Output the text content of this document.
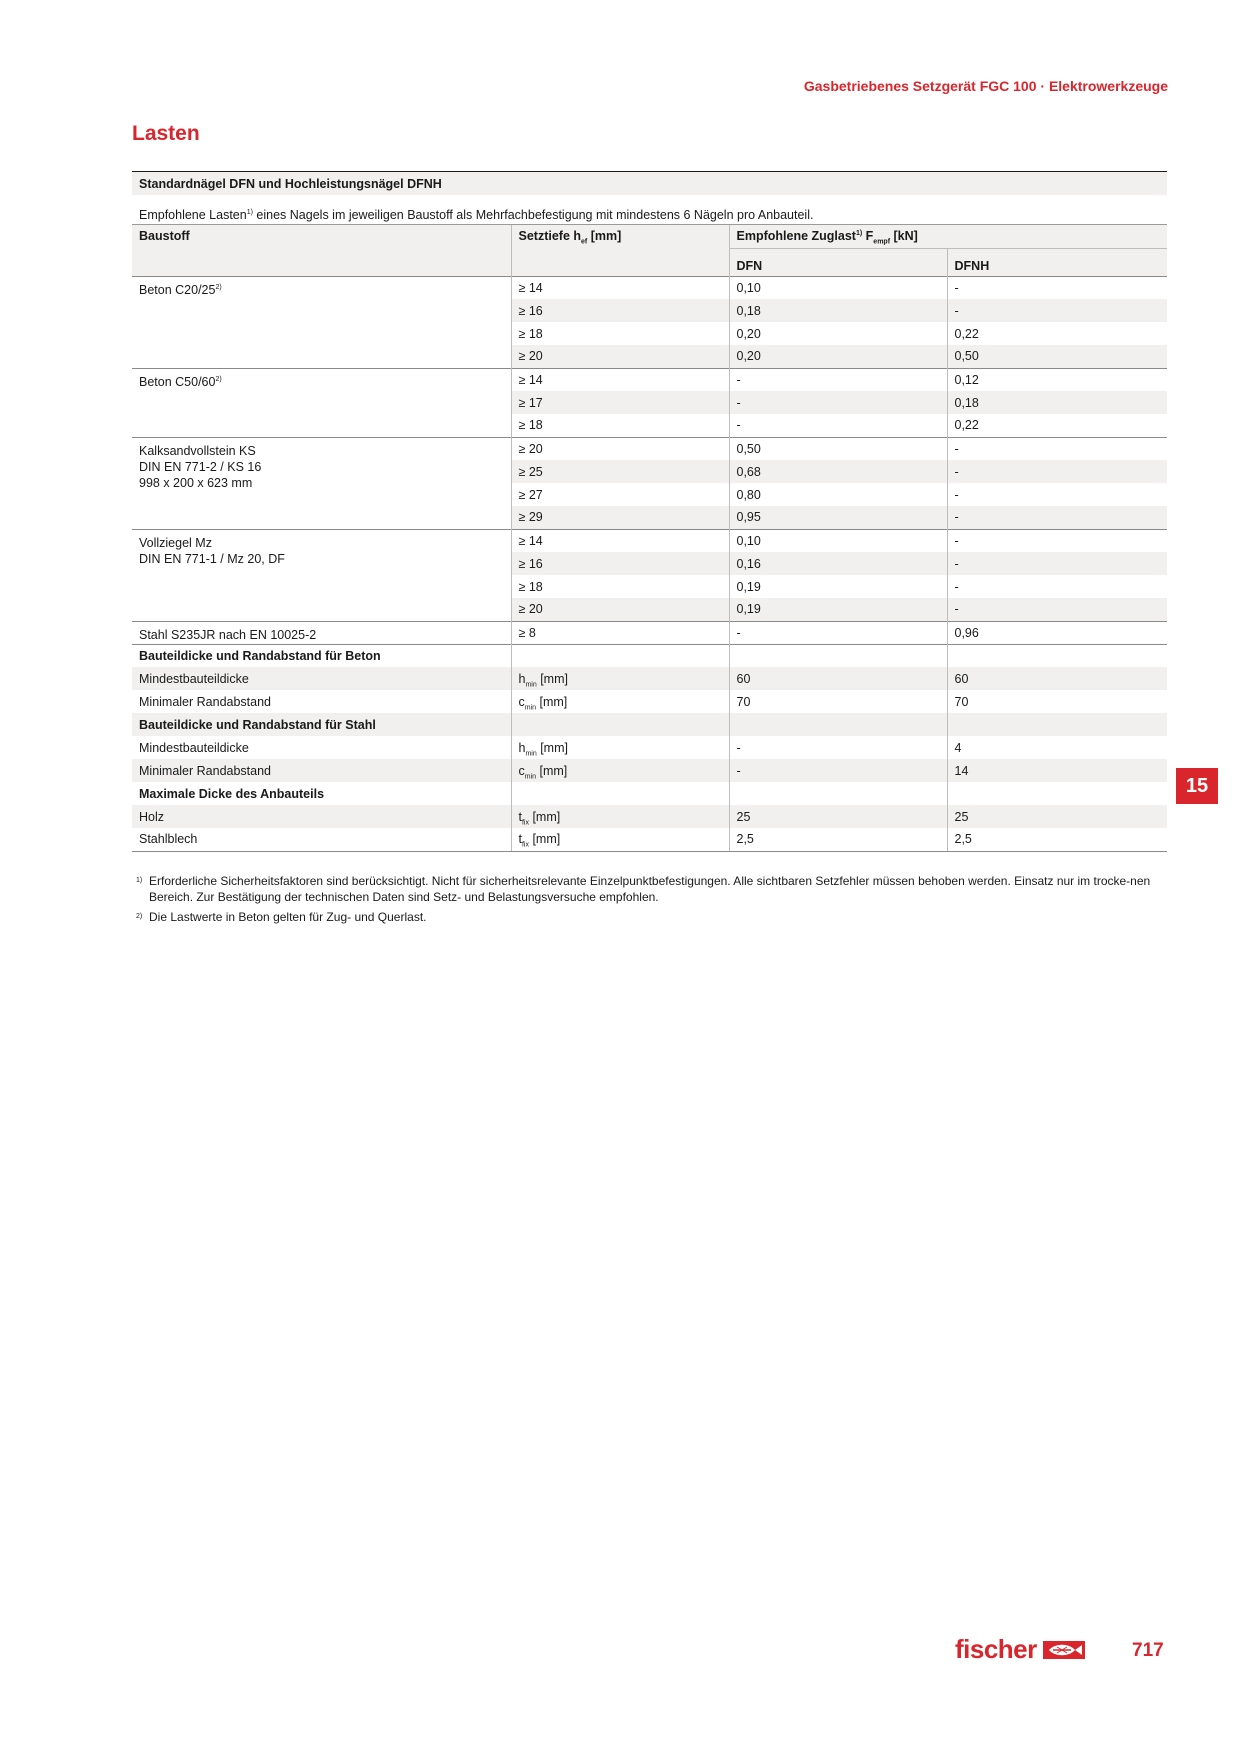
Gasbetriebenes Setzgerät FGC 100 · Elektrowerkzeuge
Lasten
Standardnägel DFN und Hochleistungsnägel DFNH
Empfohlene Lasten$^{1)}$ eines Nagels im jeweiligen Baustoff als Mehrfachbefestigung mit mindestens 6 Nägeln pro Anbauteil.
Baustoff	Setztiefe $h_{ef}$ [mm]	Empfohlene Zuglast$^{1)}$ $F_{empf}$ [kN]	
		DFN	DFNH
Beton $C20/25^{2)}$	≥ 14	0,10	-
	≥ 16	0,18	-
	≥ 18	0,20	0,22
	≥ 20	0,20	0,50
Beton $C50/60^{2)}$	≥ 14	-	0,12
	≥ 17	-	0,18
	≥ 18	-	0,22

Kalksandvollstein KS
DIN EN 771-2 / KS 16
998 x 200 x 623 mm	≥ 20	0,50	-
	≥ 25	0,68	-
	≥ 27	0,80	-
	≥ 29	0,95	-

Vollziegel Mz
DIN EN 771-1 / Mz 20, DF	≥ 14	0,10	-
	≥ 16	0,16	-
	≥ 18	0,19	-
	≥ 20	0,19	-
Stahl S235JR nach EN 10025-2	≥ 8	-	0,96
Bauteildicke und Randabstand für Beton			
Mindestbauteildicke	$h_{min}$ [mm]	60	60
Minimaler Randabstand	$c_{min}$ [mm]	70	70
Bauteildicke und Randabstand für Stahl			
Mindestbauteildicke	$h_{min}$ [mm]	-	4
Minimaler Randabstand	$c_{min}$ [mm]	-	14
Maximale Dicke des Anbauteils			
Holz	$t_{fix}$ [mm]	25	25
Stahlblech	$t_{fix}$ [mm]	2,5	2,5
1) Erforderliche Sicherheitsfaktoren sind berücksichtigt. Nicht für sicherheitsrelevante Einzelpunktbefestigungen. Alle sichtbaren Setzfehler müssen behoben werden. Einsatz nur im trocke-nen Bereich. Zur Bestätigung der technischen Daten sind Setz- und Belastungsversuche empfohlen.
2) Die Lastwerte in Beton gelten für Zug- und Querlast.
15
fischer	717
